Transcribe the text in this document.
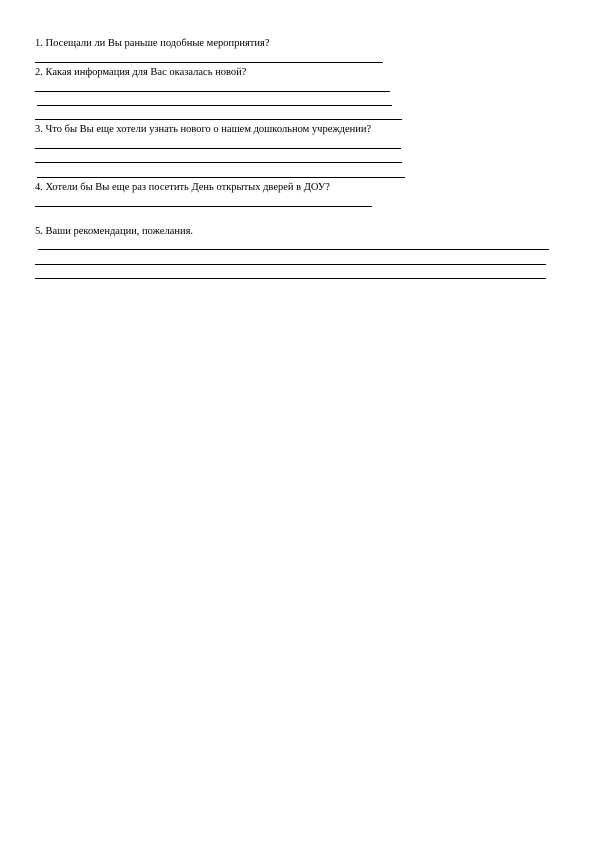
1. Посещали ли Вы раньше подобные мероприятия?
2. Какая информация для Вас оказалась новой?
3. Что бы Вы еще хотели узнать нового о нашем дошкольном учреждении?
4. Хотели бы Вы еще раз посетить День открытых дверей в ДОУ?
5. Ваши рекомендации, пожелания.
